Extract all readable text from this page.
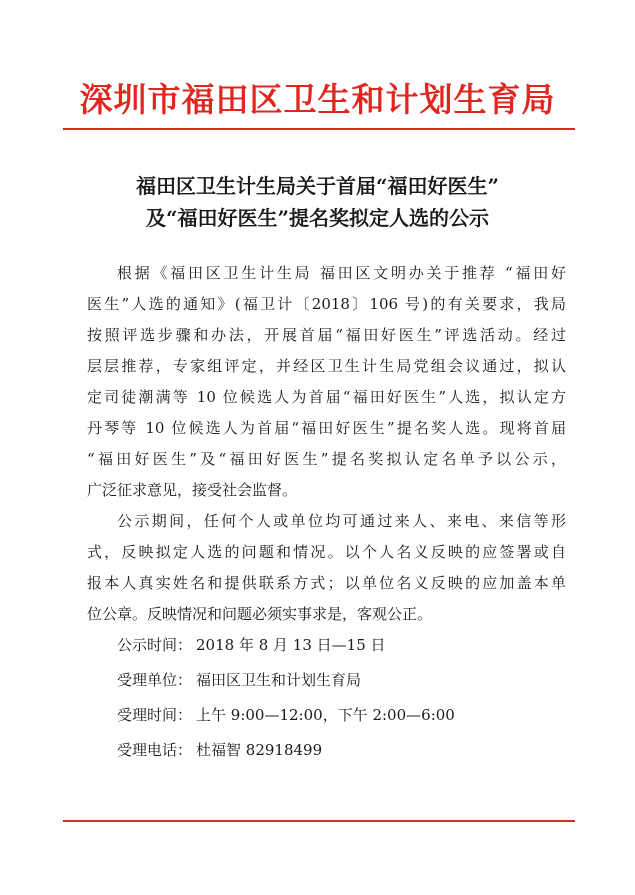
深圳市福田区卫生和计划生育局
福田区卫生计生局关于首届“福田好医生”
及“福田好医生”提名奖拟定人选的公示
根据《福田区卫生计生局 福田区文明办关于推荐 “福田好
医生”人选的通知》(福卫计〔2018〕106 号)的有关要求，我局
按照评选步骤和办法，开展首届“福田好医生”评选活动。经过
层层推荐，专家组评定，并经区卫生计生局党组会议通过，拟认
定司徒潮满等 10 位候选人为首届“福田好医生”人选，拟认定方
丹琴等 10 位候选人为首届“福田好医生”提名奖人选。现将首届
“福田好医生”及“福田好医生”提名奖拟认定名单予以公示，
广泛征求意见，接受社会监督。
公示期间，任何个人或单位均可通过来人、来电、来信等形
式，反映拟定人选的问题和情况。以个人名义反映的应签署或自
报本人真实姓名和提供联系方式；以单位名义反映的应加盖本单
位公章。反映情况和问题必须实事求是，客观公正。
公示时间： 2018 年 8 月 13 日—15 日
受理单位： 福田区卫生和计划生育局
受理时间： 上午 9:00—12:00，下午 2:00—6:00
受理电话： 杜福智 82918499
